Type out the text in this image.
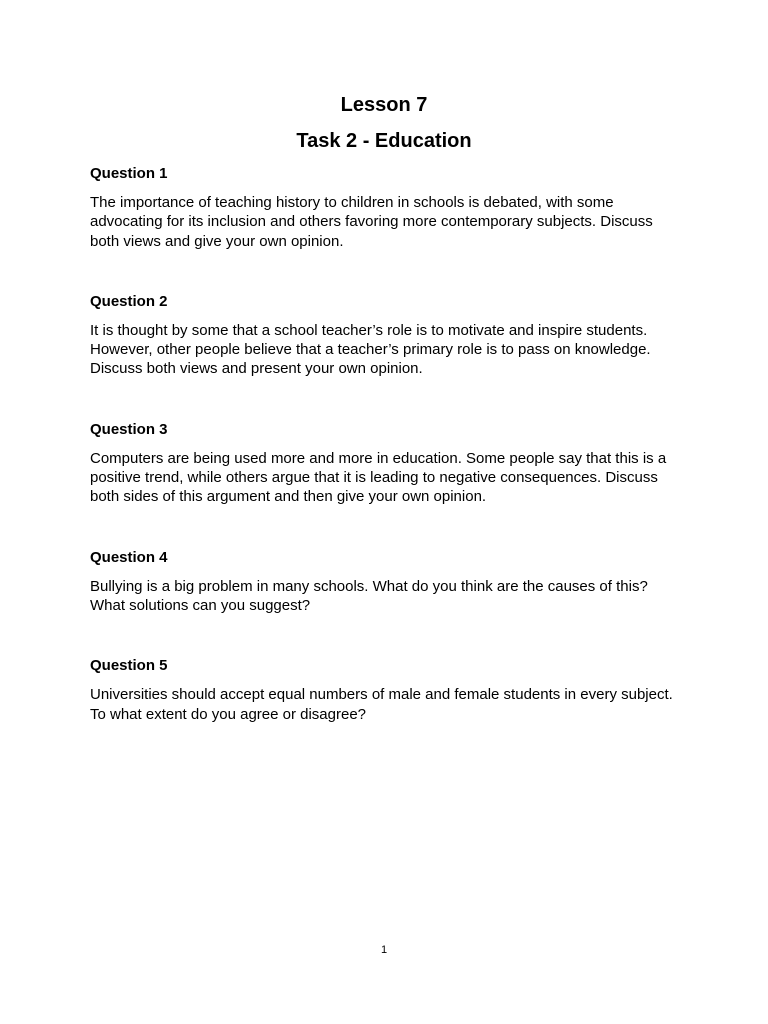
Lesson 7
Task 2 - Education

Question 1

The importance of teaching history to children in schools is debated, with some
advocating for its inclusion and others favoring more contemporary subjects. Discuss
both views and give your own opinion.

Question 2

It is thought by some that a school teacher’s role is to motivate and inspire students.
However, other people believe that a teacher’s primary role is to pass on knowledge.
Discuss both views and present your own opinion.

Question 3

Computers are being used more and more in education. Some people say that this is a
positive trend, while others argue that it is leading to negative consequences. Discuss
both sides of this argument and then give your own opinion.

Question 4

Bullying is a big problem in many schools. What do you think are the causes of this?
What solutions can you suggest?

Question 5

Universities should accept equal numbers of male and female students in every subject.
To what extent do you agree or disagree?

1
